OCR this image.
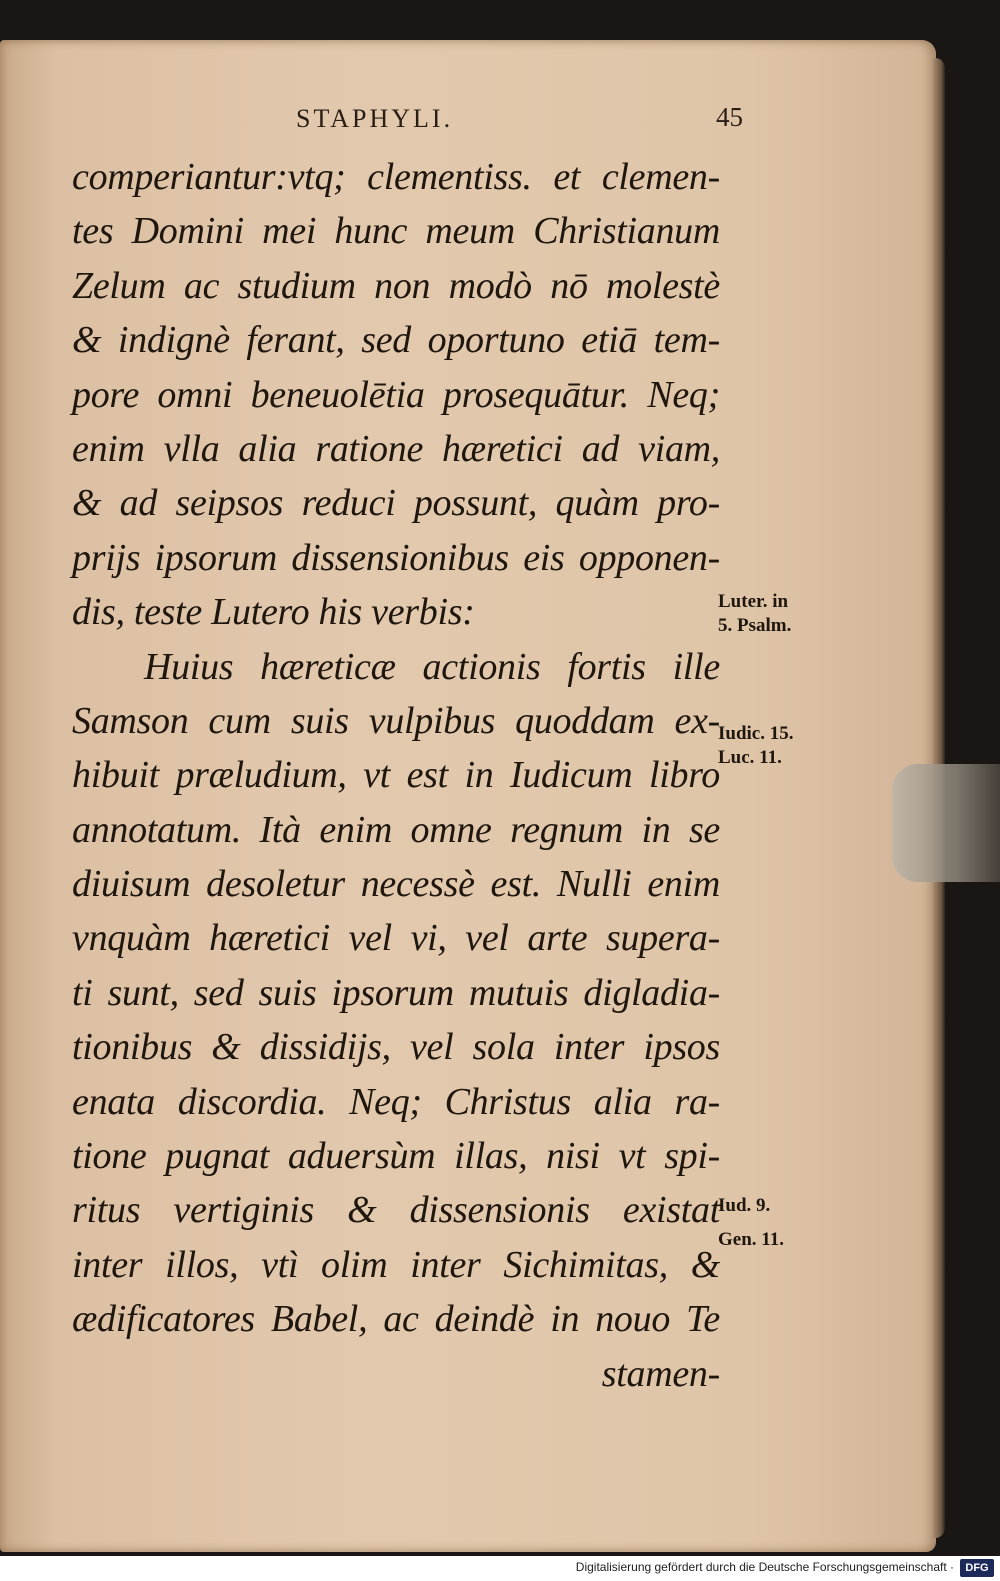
STAPHYLI.	45
comperiantur:vtq; clementiss. et clemen-
tes Domini mei hunc meum Christianum
Zelum ac studium non modò nō molestè
& indignè ferant, sed oportuno etiā tem-
pore omni beneuolētia prosequātur. Neq;
enim vlla alia ratione hæretici ad viam,
& ad seipsos reduci possunt, quàm pro-
prijs ipsorum dissensionibus eis opponen-
dis, teste Lutero his verbis:
Huius hæreticæ actionis fortis ille
Samson cum suis vulpibus quoddam ex-
hibuit præludium, vt est in Iudicum libro
annotatum. Ità enim omne regnum in se
diuisum desoletur necessè est. Nulli enim
vnquàm hæretici vel vi, vel arte supera-
ti sunt, sed suis ipsorum mutuis digladia-
tionibus & dissidijs, vel sola inter ipsos
enata discordia. Neq; Christus alia ra-
tione pugnat aduersùm illas, nisi vt spi-
ritus vertiginis & dissensionis existat
inter illos, vtì olim inter Sichimitas, &
ædificatores Babel, ac deindè in nouo Te
stamen-
Luter. in
5. Psalm.
Iudic. 15.
Luc. 11.
Iud. 9.
Gen. 11.
Digitalisierung gefördert durch die Deutsche Forschungsgemeinschaft ·	DFG
